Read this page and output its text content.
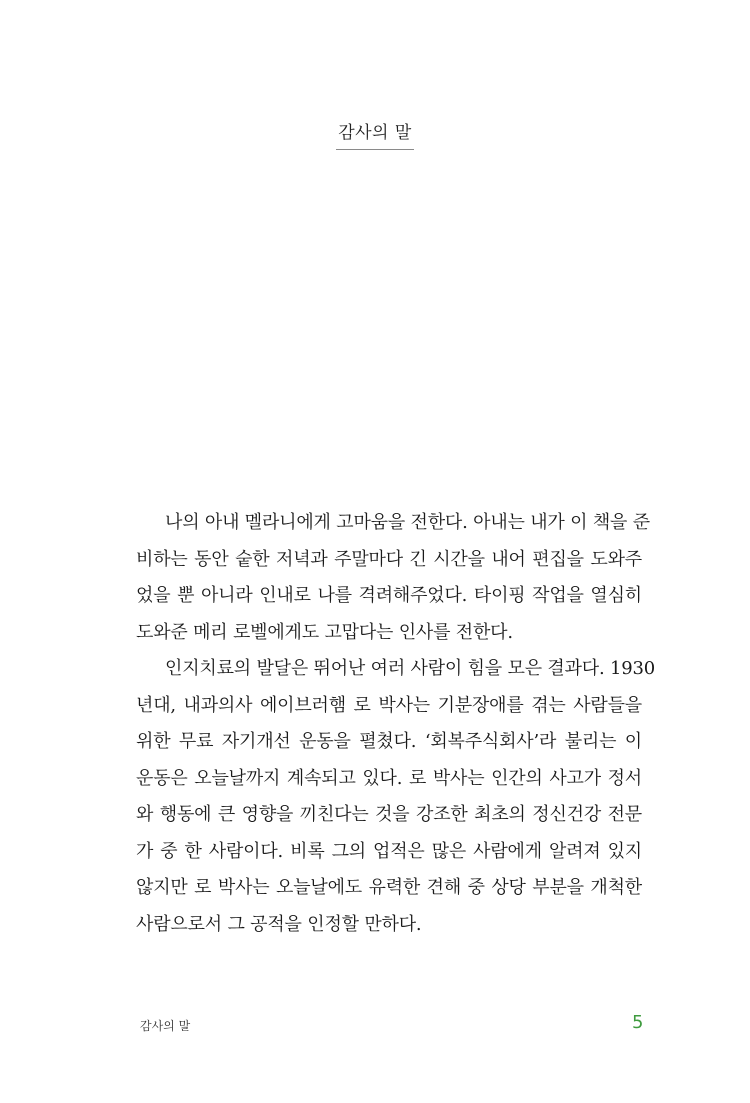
감사의 말

나의 아내 멜라니에게 고마움을 전한다. 아내는 내가 이 책을 준

비하는 동안 숱한 저녁과 주말마다 긴 시간을 내어 편집을 도와주

었을 뿐 아니라 인내로 나를 격려해주었다. 타이핑 작업을 열심히

도와준 메리 로벨에게도 고맙다는 인사를 전한다.

인지치료의 발달은 뛰어난 여러 사람이 힘을 모은 결과다. 1930

년대, 내과의사 에이브러햄 로 박사는 기분장애를 겪는 사람들을

위한 무료 자기개선 운동을 펼쳤다. ‘회복주식회사’라 불리는 이

운동은 오늘날까지 계속되고 있다. 로 박사는 인간의 사고가 정서

와 행동에 큰 영향을 끼친다는 것을 강조한 최초의 정신건강 전문

가 중 한 사람이다. 비록 그의 업적은 많은 사람에게 알려져 있지

않지만 로 박사는 오늘날에도 유력한 견해 중 상당 부분을 개척한

사람으로서 그 공적을 인정할 만하다.

감사의 말	5
